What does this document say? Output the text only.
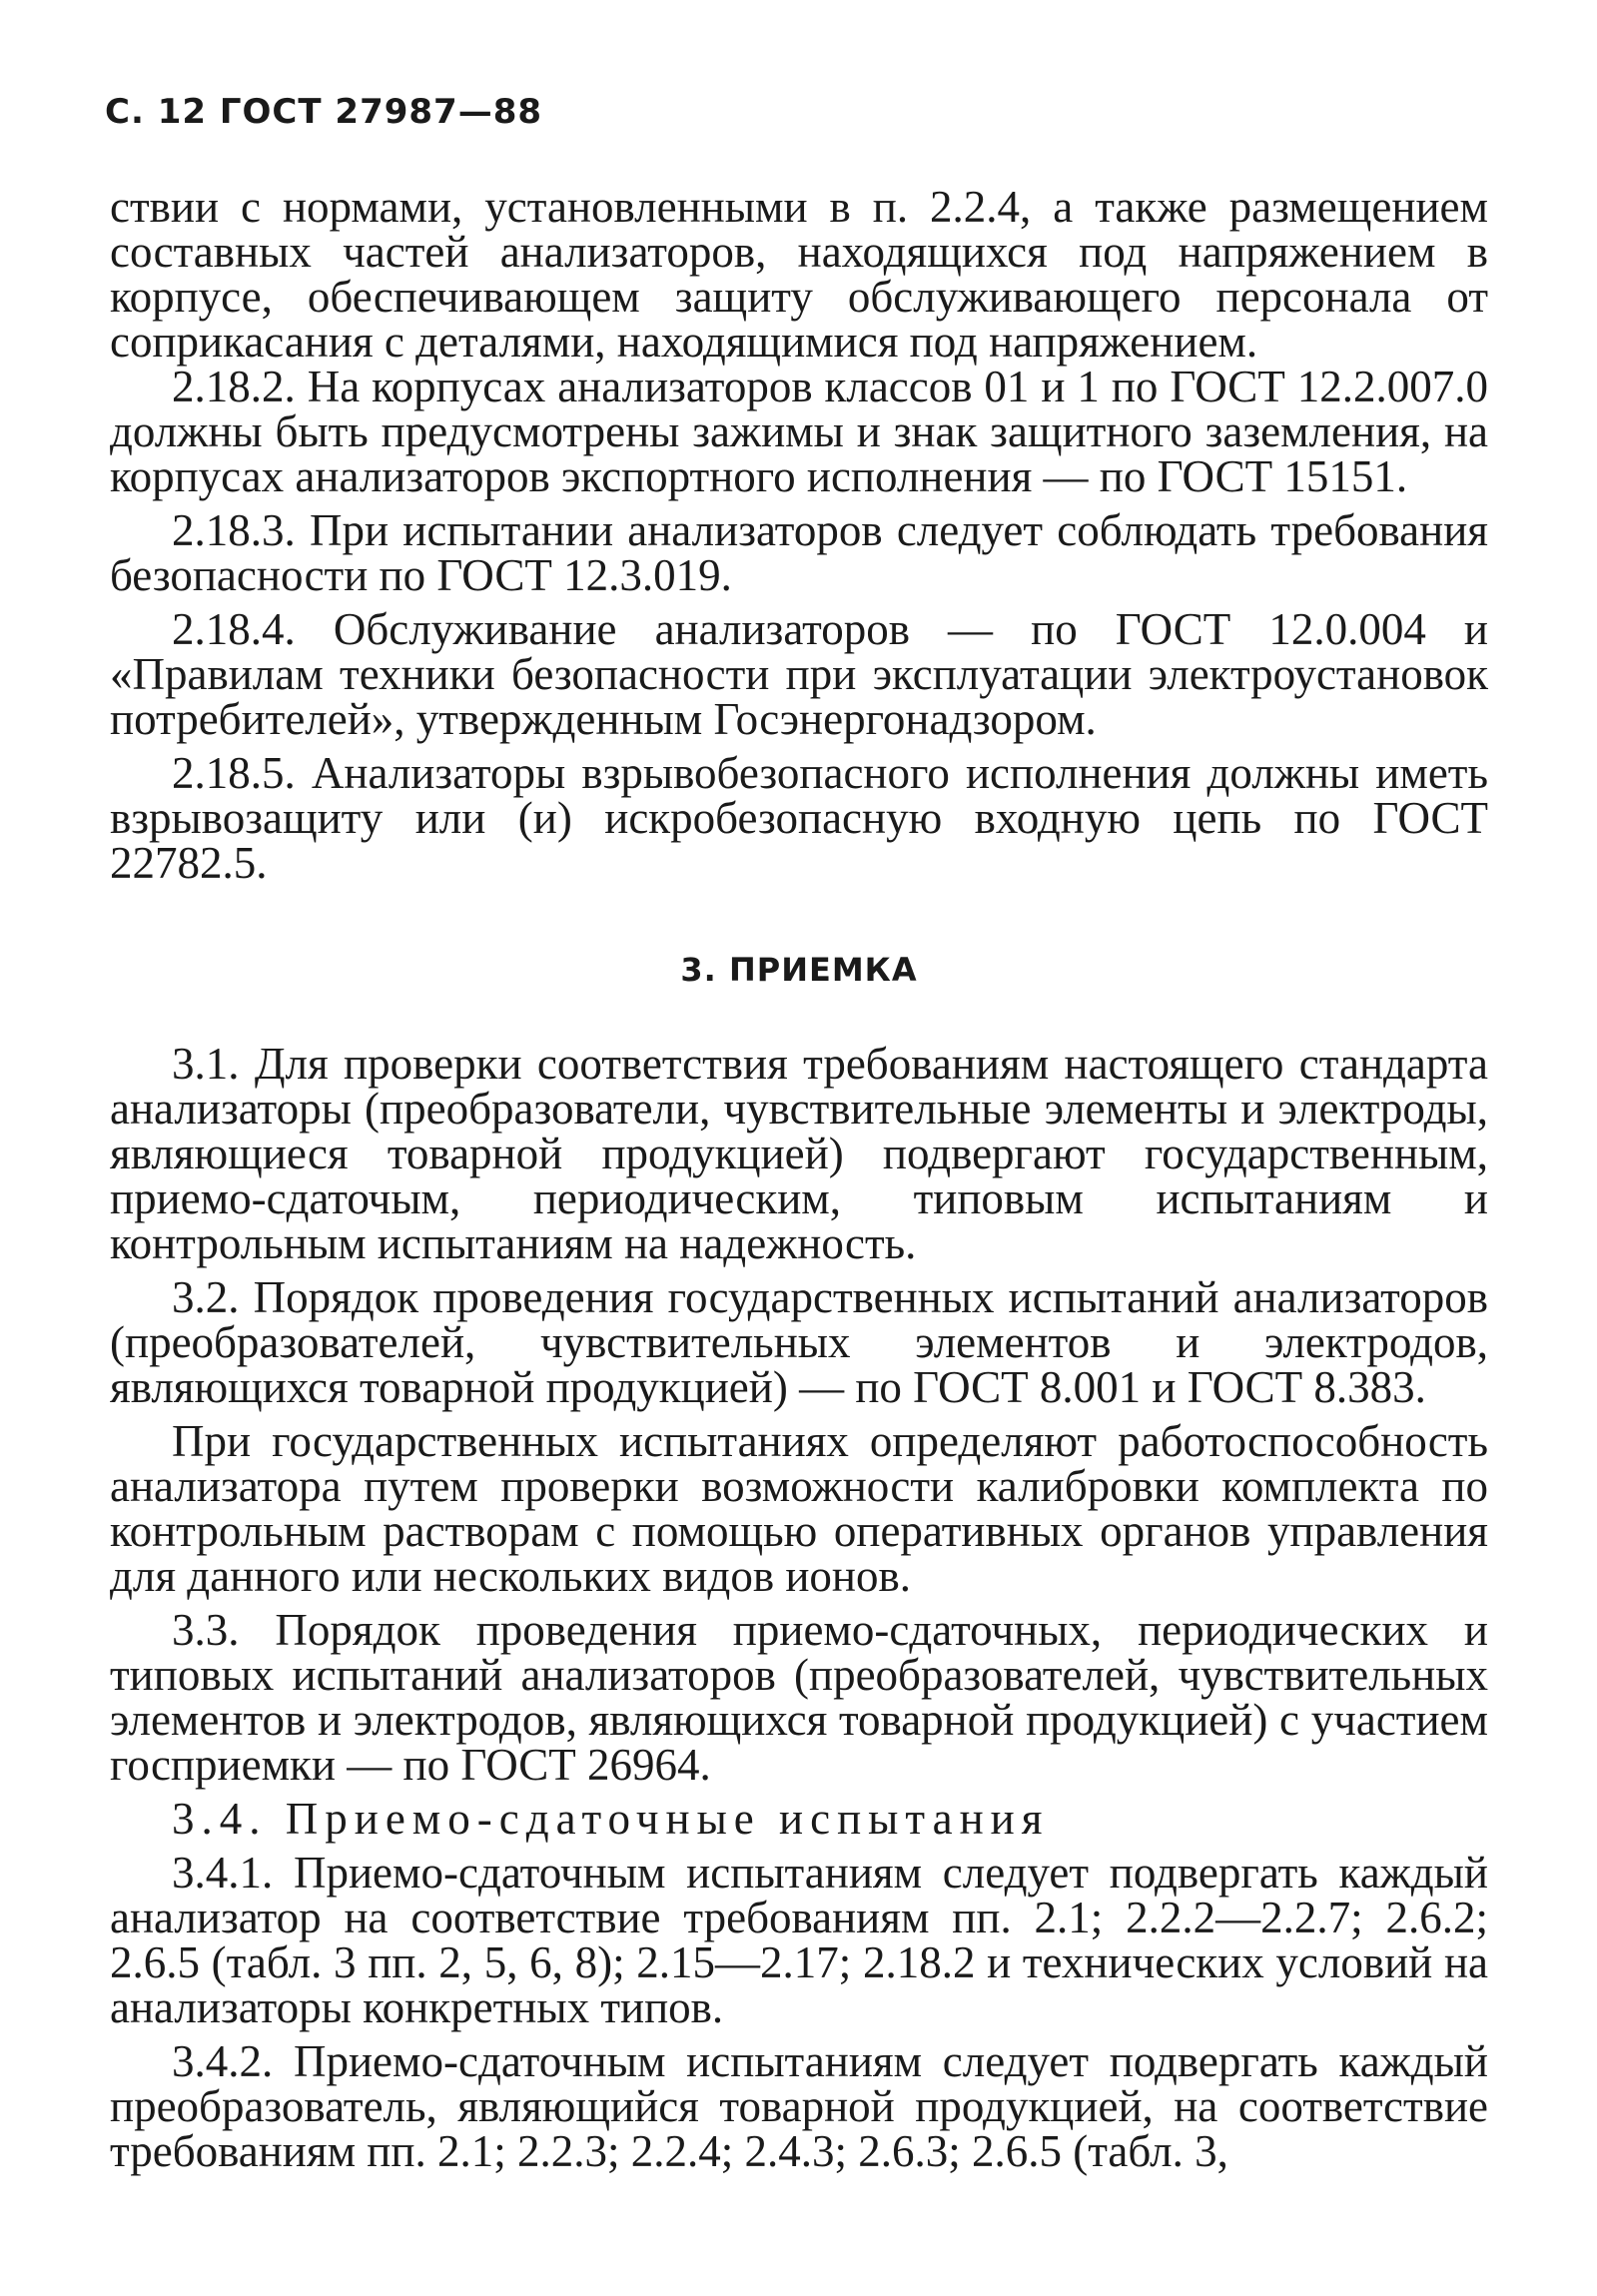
С. 12 ГОСТ 27987—88

ствии с нормами, установленными в п. 2.2.4, а также размещением составных частей анализаторов, находящихся под напряжением в корпусе, обеспечивающем защиту обслуживающего персонала от соприкасания с деталями, находящимися под напряжением.

2.18.2. На корпусах анализаторов классов 01 и 1 по ГОСТ 12.2.007.0 должны быть предусмотрены зажимы и знак защитного заземления, на корпусах анализаторов экспортного исполнения — по ГОСТ 15151.

2.18.3. При испытании анализаторов следует соблюдать требования безопасности по ГОСТ 12.3.019.

2.18.4. Обслуживание анализаторов — по ГОСТ 12.0.004 и «Правилам техники безопасности при эксплуатации электроустановок потребителей», утвержденным Госэнергонадзором.

2.18.5. Анализаторы взрывобезопасного исполнения должны иметь взрывозащиту или (и) искробезопасную входную цепь по ГОСТ 22782.5.

3. ПРИЕМКА

3.1. Для проверки соответствия требованиям настоящего стандарта анализаторы (преобразователи, чувствительные элементы и электроды, являющиеся товарной продукцией) подвергают государственным, приемо-сдаточым, периодическим, типовым испытаниям и контрольным испытаниям на надежность.

3.2. Порядок проведения государственных испытаний анализаторов (преобразователей, чувствительных элементов и электродов, являющихся товарной продукцией) — по ГОСТ 8.001 и ГОСТ 8.383.

При государственных испытаниях определяют работоспособность анализатора путем проверки возможности калибровки комплекта по контрольным растворам с помощью оперативных органов управления для данного или нескольких видов ионов.

3.3. Порядок проведения приемо-сдаточных, периодических и типовых испытаний анализаторов (преобразователей, чувствительных элементов и электродов, являющихся товарной продукцией) с участием госприемки — по ГОСТ 26964.

3.4. Приемо-сдаточные испытания

3.4.1. Приемо-сдаточным испытаниям следует подвергать каждый анализатор на соответствие требованиям пп. 2.1; 2.2.2—2.2.7; 2.6.2; 2.6.5 (табл. 3 пп. 2, 5, 6, 8); 2.15—2.17; 2.18.2 и технических условий на анализаторы конкретных типов.

3.4.2. Приемо-сдаточным испытаниям следует подвергать каждый преобразователь, являющийся товарной продукцией, на соответствие требованиям пп. 2.1; 2.2.3; 2.2.4; 2.4.3; 2.6.3; 2.6.5 (табл. 3,
